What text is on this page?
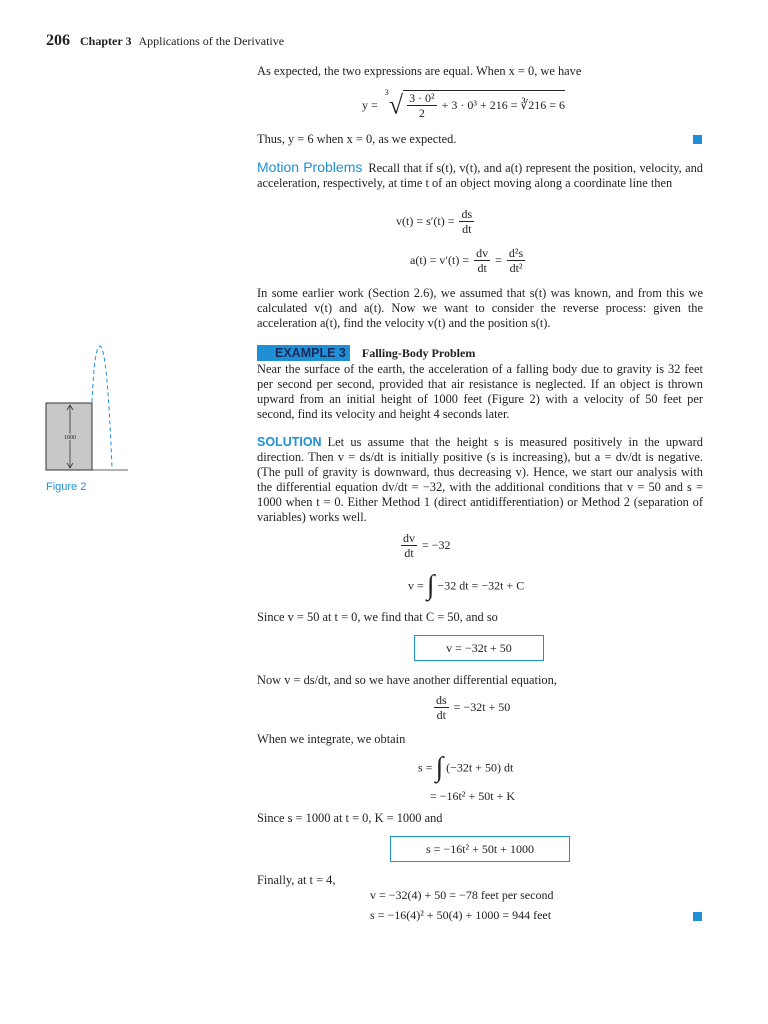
206 Chapter 3 Applications of the Derivative
As expected, the two expressions are equal. When x = 0, we have
$y = ^3√ \frac{\text{3 · 0²}}{2} + 3 \cdot 0^3 + 216$ = ∛216 = 6
Thus, y = 6 when x = 0, as we expected.
Motion Problems Recall that if s(t), v(t), and a(t) represent the position, velocity, and acceleration, respectively, at time t of an object moving along a coordinate line then
$v(t) = s'(t) = \frac{ds}{dt}$
$a(t) = v'(t) = \frac{dv}{dt} = \frac{\text{d²s}}{\text{dt²}}$
In some earlier work (Section 2.6), we assumed that s(t) was known, and from this we calculated v(t) and a(t). Now we want to consider the reverse process: given the acceleration a(t), find the velocity v(t) and the position s(t).
EXAMPLE 3 Falling-Body Problem
Near the surface of the earth, the acceleration of a falling body due to gravity is 32 feet per second per second, provided that air resistance is neglected. If an object is thrown upward from an initial height of 1000 feet (Figure 2) with a velocity of 50 feet per second, find its velocity and height 4 seconds later.
1000
Figure 2
SOLUTION Let us assume that the height s is measured positively in the upward direction. Then v = ds/dt is initially positive (s is increasing), but a = dv/dt is negative. (The pull of gravity is downward, thus decreasing v). Hence, we start our analysis with the differential equation dv/dt = −32, with the additional conditions that v = 50 and s = 1000 when t = 0. Either Method 1 (direct antidifferentiation) or Method 2 (separation of variables) works well.
$\frac{dv}{dt} = -32$
v = ∫ −32 dt = −32t + C
Since v = 50 at t = 0, we find that C = 50, and so
v = −32t + 50
Now v = ds/dt, and so we have another differential equation,
$\frac{ds}{dt} = -32t + 50$
When we integrate, we obtain
s = ∫ (−32t + 50) dt
= −16t² + 50t + K
Since s = 1000 at t = 0, K = 1000 and
s = −16t² + 50t + 1000
Finally, at t = 4,
v = −32(4) + 50 = −78 feet per second
s = −16(4)² + 50(4) + 1000 = 944 feet
